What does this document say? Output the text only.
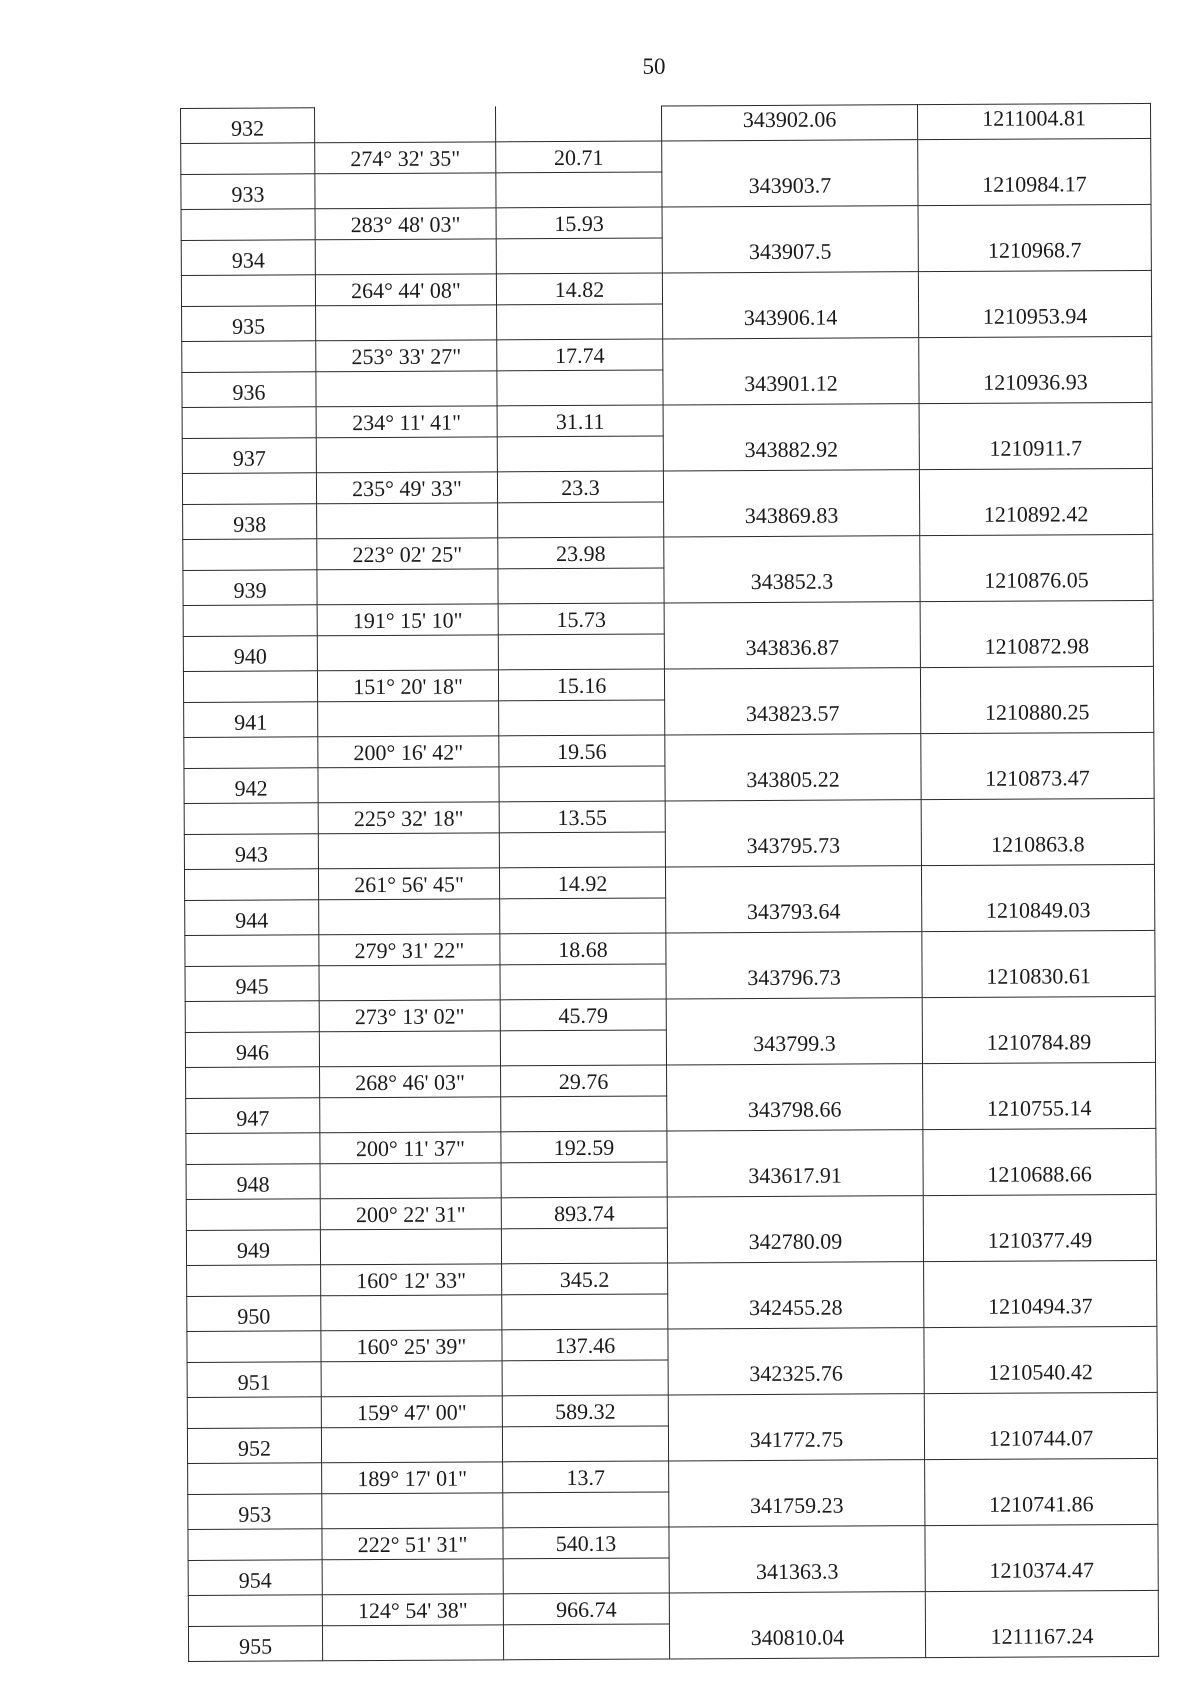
50
932			343902.06	1211004.81
	274° 32' 35"	20.71		
933			343903.7	1210984.17
	283° 48' 03"	15.93		
934			343907.5	1210968.7
	264° 44' 08"	14.82		
935			343906.14	1210953.94
	253° 33' 27"	17.74		
936			343901.12	1210936.93
	234° 11' 41"	31.11		
937			343882.92	1210911.7
	235° 49' 33"	23.3		
938			343869.83	1210892.42
	223° 02' 25"	23.98		
939			343852.3	1210876.05
	191° 15' 10"	15.73		
940			343836.87	1210872.98
	151° 20' 18"	15.16		
941			343823.57	1210880.25
	200° 16' 42"	19.56		
942			343805.22	1210873.47
	225° 32' 18"	13.55		
943			343795.73	1210863.8
	261° 56' 45"	14.92		
944			343793.64	1210849.03
	279° 31' 22"	18.68		
945			343796.73	1210830.61
	273° 13' 02"	45.79		
946			343799.3	1210784.89
	268° 46' 03"	29.76		
947			343798.66	1210755.14
	200° 11' 37"	192.59		
948			343617.91	1210688.66
	200° 22' 31"	893.74		
949			342780.09	1210377.49
	160° 12' 33"	345.2		
950			342455.28	1210494.37
	160° 25' 39"	137.46		
951			342325.76	1210540.42
	159° 47' 00"	589.32		
952			341772.75	1210744.07
	189° 17' 01"	13.7		
953			341759.23	1210741.86
	222° 51' 31"	540.13		
954			341363.3	1210374.47
	124° 54' 38"	966.74		
955			340810.04	1211167.24
